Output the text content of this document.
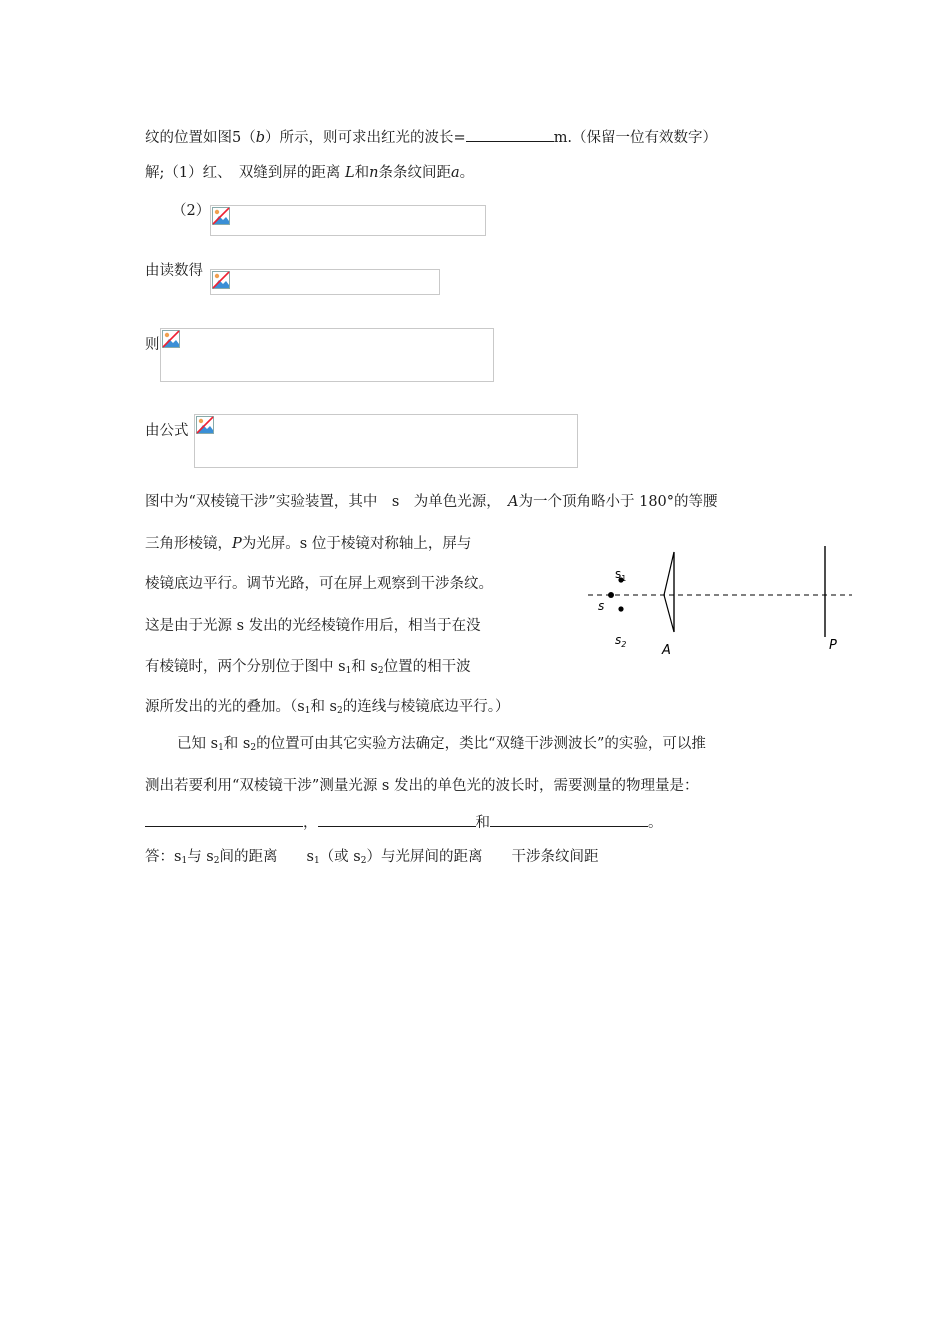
纹的位置如图5（b）所示，则可求出红光的波长=	m.（保留一位有效数字）
解;（1）红、　双缝到屏的距离 L和n条条纹间距a。
（2）
由读数得
则
由公式
图中为“双棱镜干涉”实验装置，其中　s　为单色光源，　A为一个顶角略小于 180°的等腰
三角形棱镜，P为光屏。s 位于棱镜对称轴上，屏与
棱镜底边平行。调节光路，可在屏上观察到干涉条纹。
这是由于光源 s 发出的光经棱镜作用后，相当于在没
有棱镜时，两个分别位于图中 $s_1$和 $s_2$位置的相干波
源所发出的光的叠加。（$s_1$和 $s_2$的连线与棱镜底边平行。）
已知 $s_1$和 $s_2$的位置可由其它实验方法确定，类比“双缝干涉测波长”的实验，可以推
测出若要利用“双棱镜干涉”测量光源 s 发出的单色光的波长时，需要测量的物理量是：
，	和	。
答：$s_1$与 $s_2$间的距离　　$s_1$（或 $s_2$）与光屏间的距离　　干涉条纹间距
$s_1$
s
$s_2$	A	P
